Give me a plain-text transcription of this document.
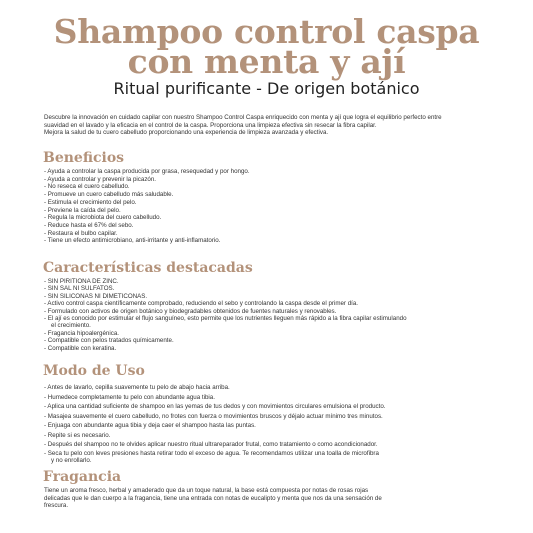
Shampoo control caspa
con menta y ají
Ritual purificante - De origen botánico
Descubre la innovación en cuidado capilar con nuestro Shampoo Control Caspa enriquecido con menta y ají que logra el equilibrio perfecto entre
suavidad en el lavado y la eficacia en el control de la caspa. Proporciona una limpieza efectiva sin resecar la fibra capilar.
Mejora la salud de tu cuero cabelludo proporcionando una experiencia de limpieza avanzada y efectiva.
Beneficios
- Ayuda a controlar la caspa producida por grasa, resequedad y por hongo.
- Ayuda a controlar y prevenir la picazón.
- No reseca el cuero cabelludo.
- Promueve un cuero cabelludo más saludable.
- Estimula el crecimiento del pelo.
- Previene la caída del pelo.
- Regula la microbiota del cuero cabelludo.
- Reduce hasta el 67% del sebo.
- Restaura el bulbo capilar.
- Tiene un efecto antimicrobiano, anti-irritante y anti-inflamatorio.
Características destacadas
- SIN PIRITIONA DE ZINC.
- SIN SAL NI SULFATOS.
- SIN SILICONAS NI DIMETICONAS.
- Activo control caspa científicamente comprobado, reduciendo el sebo y controlando la caspa desde el primer día.
- Formulado con activos de origen botánico y biodegradables obtenidos de fuentes naturales y renovables.
- El ají es conocido por estimular el flujo sanguíneo, esto permite que los nutrientes lleguen más rápido a la fibra capilar estimulando
el crecimiento.
- Fragancia hipoalergénica.
- Compatible con pelos tratados químicamente.
- Compatible con keratina.
Modo de Uso
- Antes de lavarlo, cepilla suavemente tu pelo de abajo hacia arriba.
- Humedece completamente tu pelo con abundante agua tibia.
- Aplica una cantidad suficiente de shampoo en las yemas de tus dedos y con movimientos circulares emulsiona el producto.
- Masajea suavemente el cuero cabelludo, no frotes con fuerza o movimientos bruscos y déjalo actuar mínimo tres minutos.
- Enjuaga con abundante agua tibia y deja caer el shampoo hasta las puntas.
- Repite si es necesario.
- Después del shampoo no te olvides aplicar nuestro ritual ultrareparador frutal, como tratamiento o como acondicionador.
- Seca tu pelo con leves presiones hasta retirar todo el exceso de agua. Te recomendamos utilizar una toalla de microfibra
y no enrollarlo.
Fragancia
Tiene un aroma fresco, herbal y amaderado que da un toque natural, la base está compuesta por notas de rosas rojas
delicadas que le dan cuerpo a la fragancia, tiene una entrada con notas de eucalipto y menta que nos da una sensación de
frescura.
